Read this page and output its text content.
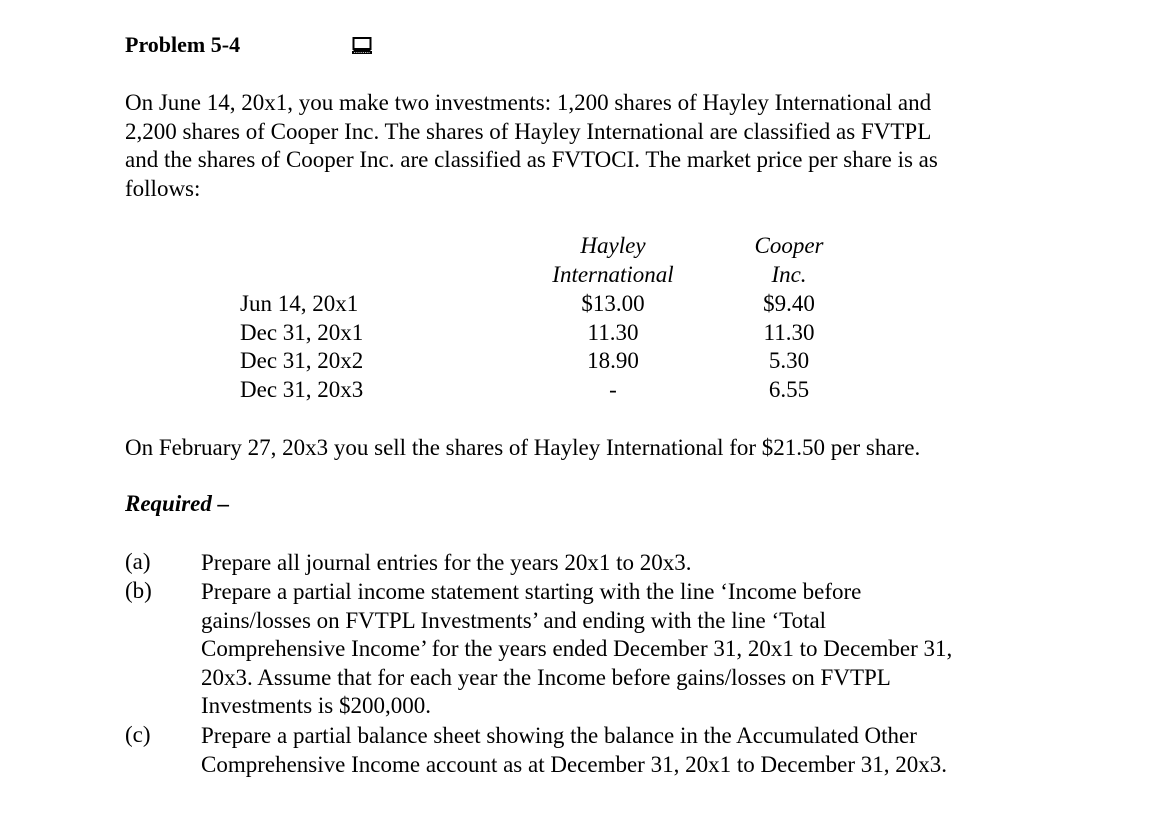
Problem 5-4
On June 14, 20x1, you make two investments: 1,200 shares of Hayley International and
2,200 shares of Cooper Inc. The shares of Hayley International are classified as FVTPL
and the shares of Cooper Inc. are classified as FVTOCI. The market price per share is as
follows:
Hayley
International
Cooper
Inc.
Jun 14, 20x1
Dec 31, 20x1
Dec 31, 20x2
Dec 31, 20x3
$13.00
11.30
18.90
-
$9.40
11.30
5.30
6.55
On February 27, 20x3 you sell the shares of Hayley International for $21.50 per share.
Required –
(a) Prepare all journal entries for the years 20x1 to 20x3.
(b) Prepare a partial income statement starting with the line ‘Income before
gains/losses on FVTPL Investments’ and ending with the line ‘Total
Comprehensive Income’ for the years ended December 31, 20x1 to December 31,
20x3. Assume that for each year the Income before gains/losses on FVTPL
Investments is $200,000.
(c) Prepare a partial balance sheet showing the balance in the Accumulated Other
Comprehensive Income account as at December 31, 20x1 to December 31, 20x3.
